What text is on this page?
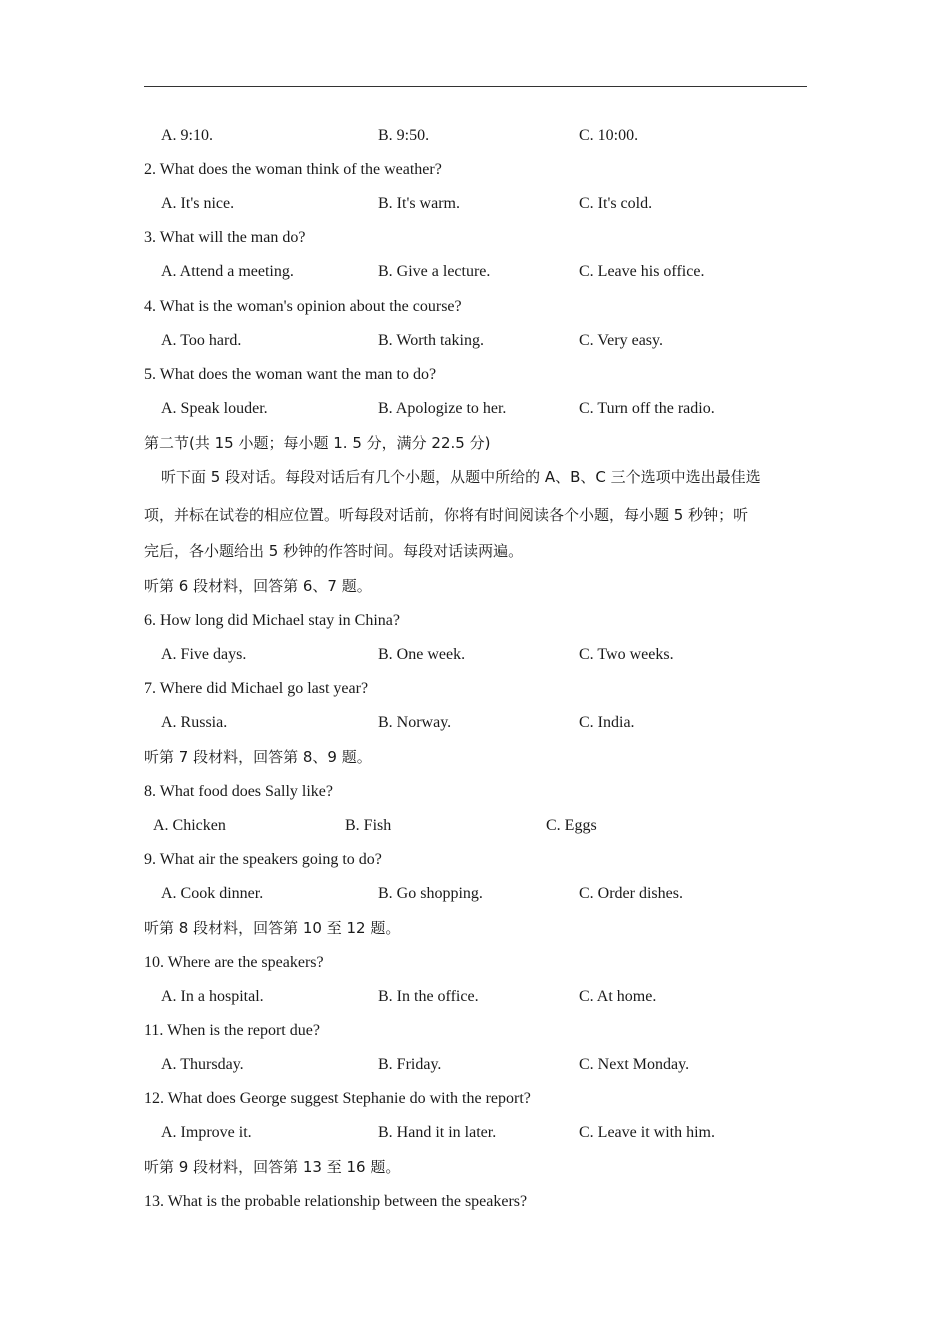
A. 9:10.	B. 9:50.	C. 10:00.
2. What does the woman think of the weather?
A. It's nice.	B. It's warm.	C. It's cold.
3. What will the man do?
A. Attend a meeting.	B. Give a lecture.	C. Leave his office.
4. What is the woman's opinion about the course?
A. Too hard.	B. Worth taking.	C. Very easy.
5. What does the woman want the man to do?
A. Speak louder.	B. Apologize to her.	C. Turn off the radio.
第二节(共 15 小题；每小题 1. 5 分，满分 22.5 分)
听下面 5 段对话。每段对话后有几个小题，从题中所给的 A、B、C 三个选项中选出最佳选
项，并标在试卷的相应位置。听每段对话前，你将有时间阅读各个小题，每小题 5 秒钟；听
完后，各小题给出 5 秒钟的作答时间。每段对话读两遍。
听第 6 段材料，回答第 6、7 题。
6. How long did Michael stay in China?
A. Five days.	B. One week.	C. Two weeks.
7. Where did Michael go last year?
A. Russia.	B. Norway.	C. India.
听第 7 段材料，回答第 8、9 题。
8. What food does Sally like?
A. Chicken	B. Fish	C. Eggs
9. What air the speakers going to do?
A. Cook dinner.	B. Go shopping.	C. Order dishes.
听第 8 段材料，回答第 10 至 12 题。
10. Where are the speakers?
A. In a hospital.	B. In the office.	C. At home.
11. When is the report due?
A. Thursday.	B. Friday.	C. Next Monday.
12. What does George suggest Stephanie do with the report?
A. Improve it.	B. Hand it in later.	C. Leave it with him.
听第 9 段材料，回答第 13 至 16 题。
13. What is the probable relationship between the speakers?
